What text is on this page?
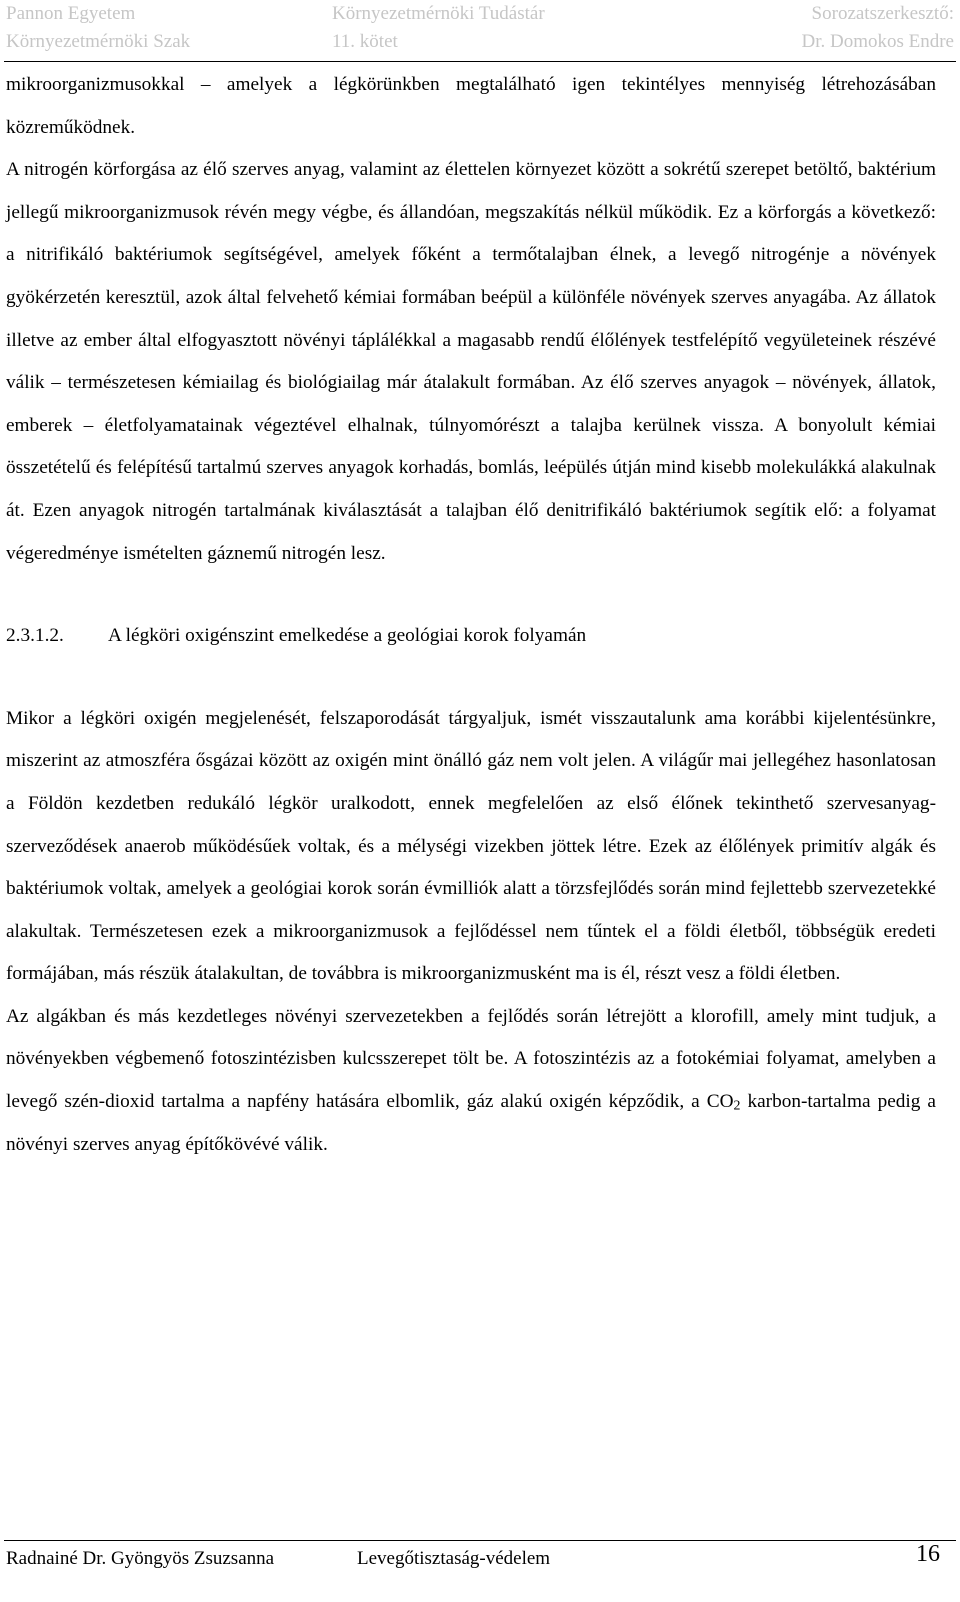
Pannon Egyetem
Környezetmérnöki Szak
Környezetmérnöki Tudástár
11. kötet
Sorozatszerkesztő:
Dr. Domokos Endre

mikroorganizmusokkal – amelyek a légkörünkben megtalálható igen tekintélyes mennyiség létrehozásában közreműködnek.

A nitrogén körforgása az élő szerves anyag, valamint az élettelen környezet között a sokrétű szerepet betöltő, baktérium jellegű mikroorganizmusok révén megy végbe, és állandóan, megszakítás nélkül működik. Ez a körforgás a következő: a nitrifikáló baktériumok segítségével, amelyek főként a termőtalajban élnek, a levegő nitrogénje a növények gyökérzetén keresztül, azok által felvehető kémiai formában beépül a különféle növények szerves anyagába. Az állatok illetve az ember által elfogyasztott növényi táplálékkal a magasabb rendű élőlények testfelépítő vegyületeinek részévé válik – természetesen kémiailag és biológiailag már átalakult formában. Az élő szerves anyagok – növények, állatok, emberek – életfolyamatainak végeztével elhalnak, túlnyomórészt a talajba kerülnek vissza. A bonyolult kémiai összetételű és felépítésű tartalmú szerves anyagok korhadás, bomlás, leépülés útján mind kisebb molekulákká alakulnak át. Ezen anyagok nitrogén tartalmának kiválasztását a talajban élő denitrifikáló baktériumok segítik elő: a folyamat végeredménye ismételten gáznemű nitrogén lesz.

2.3.1.2.	A légköri oxigénszint emelkedése a geológiai korok folyamán

Mikor a légköri oxigén megjelenését, felszaporodását tárgyaljuk, ismét visszautalunk ama korábbi kijelentésünkre, miszerint az atmoszféra ősgázai között az oxigén mint önálló gáz nem volt jelen. A világűr mai jellegéhez hasonlatosan a Földön kezdetben redukáló légkör uralkodott, ennek megfelelően az első élőnek tekinthető szervesanyag-szerveződések anaerob működésűek voltak, és a mélységi vizekben jöttek létre. Ezek az élőlények primitív algák és baktériumok voltak, amelyek a geológiai korok során évmilliók alatt a törzsfejlődés során mind fejlettebb szervezetekké alakultak. Természetesen ezek a mikroorganizmusok a fejlődéssel nem tűntek el a földi életből, többségük eredeti formájában, más részük átalakultan, de továbbra is mikroorganizmusként ma is él, részt vesz a földi életben.

Az algákban és más kezdetleges növényi szervezetekben a fejlődés során létrejött a klorofill, amely mint tudjuk, a növényekben végbemenő fotoszintézisben kulcsszerepet tölt be. A fotoszintézis az a fotokémiai folyamat, amelyben a levegő szén-dioxid tartalma a napfény hatására elbomlik, gáz alakú oxigén képződik, a $CO_2$ karbon-tartalma pedig a növényi szerves anyag építőkövévé válik.

Radnainé Dr. Gyöngyös Zsuzsanna	Levegőtisztaság-védelem	16
